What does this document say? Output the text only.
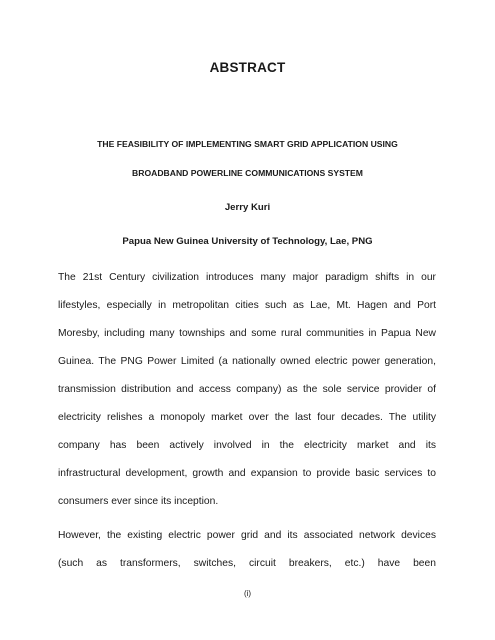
ABSTRACT
THE FEASIBILITY OF IMPLEMENTING SMART GRID APPLICATION USING
BROADBAND POWERLINE COMMUNICATIONS SYSTEM
Jerry Kuri
Papua New Guinea University of Technology, Lae, PNG

The 21st Century civilization introduces many major paradigm shifts in our
lifestyles, especially in metropolitan cities such as Lae, Mt. Hagen and Port
Moresby, including many townships and some rural communities in Papua New
Guinea. The PNG Power Limited (a nationally owned electric power generation,
transmission distribution and access company) as the sole service provider of
electricity relishes a monopoly market over the last four decades. The utility
company has been actively involved in the electricity market and its
infrastructural development, growth and expansion to provide basic services to
consumers ever since its inception.

However, the existing electric power grid and its associated network devices
(such as transformers, switches, circuit breakers, etc.) have been

(i)
